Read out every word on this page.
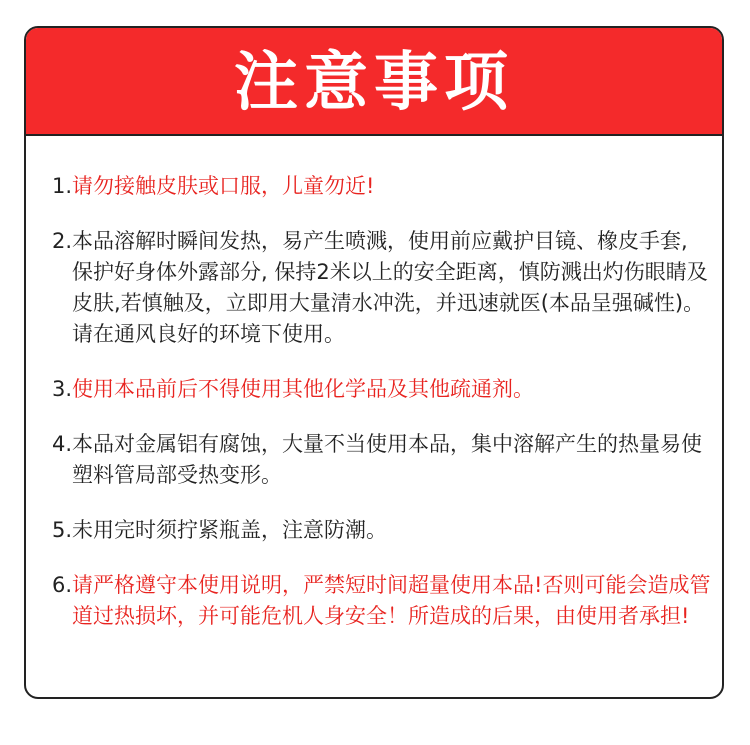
注意事项
1. 请勿接触皮肤或口服，儿童勿近!
2. 本品溶解时瞬间发热，易产生喷溅，使用前应戴护目镜、橡皮手套, 保护好身体外露部分, 保持2米以上的安全距离，慎防溅出灼伤眼睛及皮肤,若慎触及，立即用大量清水冲洗，并迅速就医(本品呈强碱性)。请在通风良好的环境下使用。
3. 使用本品前后不得使用其他化学品及其他疏通剂。
4. 本品对金属铝有腐蚀，大量不当使用本品，集中溶解产生的热量易使塑料管局部受热变形。
5. 未用完时须拧紧瓶盖，注意防潮。
6. 请严格遵守本使用说明，严禁短时间超量使用本品!否则可能会造成管道过热损坏，并可能危机人身安全！所造成的后果，由使用者承担!
